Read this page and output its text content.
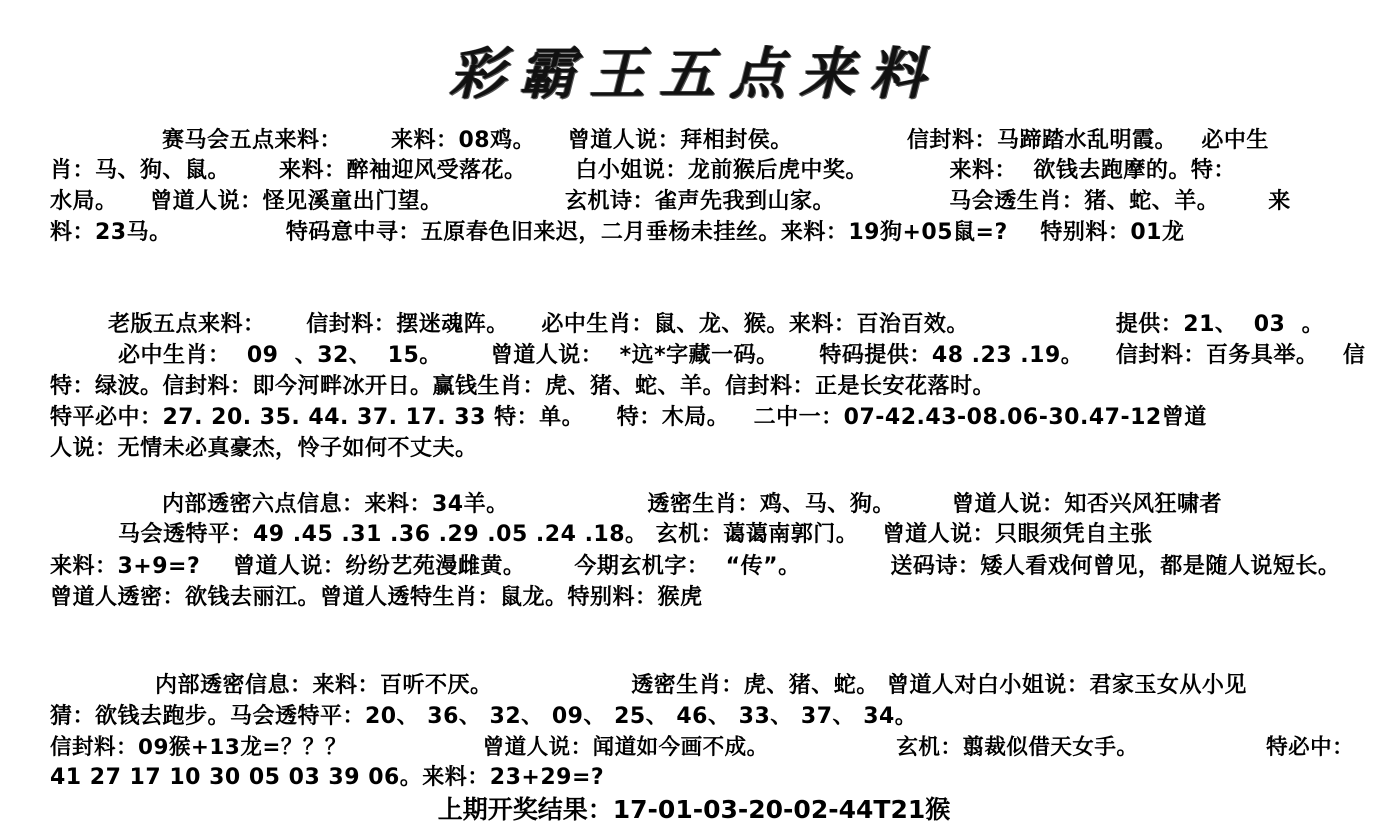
彩霸王五点来料
赛马会五点来料：      来料：08鸡。    曾道人说：拜相封侯。              信封料：马蹄踏水乱明霞。   必中生
肖：马、狗、鼠。      来料：醉袖迎风受落花。      白小姐说：龙前猴后虎中奖。          来料：  欲钱去跑摩的。特：
水局。    曾道人说：怪见溪童出门望。               玄机诗：雀声先我到山家。              马会透生肖：猪、蛇、羊。      来
料：23马。              特码意中寻：五原春色旧来迟，二月垂杨未挂丝。来料：19狗+05鼠=?    特别料：01龙
老版五点来料：     信封料：摆迷魂阵。    必中生肖：鼠、龙、猴。来料：百治百效。                  提供：21、  03  。
必中生肖：  09  、32、  15。      曾道人说：  *迒*字藏一码。     特码提供：48 .23 .19。    信封料：百务具举。   信
特：绿波。信封料：即今河畔冰开日。赢钱生肖：虎、猪、蛇、羊。信封料：正是长安花落时。
特平必中：27. 20. 35. 44. 37. 17. 33 特：单。    特：木局。   二中一：07-42.43-08.06-30.47-12曾道
人说：无情未必真豪杰，怜子如何不丈夫。
内部透密六点信息：来料：34羊。                 透密生肖：鸡、马、狗。       曾道人说：知否兴风狂啸者
马会透特平：49 .45 .31 .36 .29 .05 .24 .18。 玄机：蔼蔼南郭门。   曾道人说：只眼须凭自主张
来料：3+9=?    曾道人说：纷纷艺苑漫雌黄。      今期玄机字：  “传”。           送码诗：矮人看戏何曾见，都是随人说短长。
曾道人透密：欲钱去丽江。曾道人透特生肖：鼠龙。特别料：猴虎
内部透密信息：来料：百听不厌。                 透密生肖：虎、猪、蛇。 曾道人对白小姐说：君家玉女从小见
猜：欲钱去跑步。马会透特平：20、 36、 32、 09、 25、 46、 33、 37、 34。
信封料：09猴+13龙=？？？                 曾道人说：闻道如今画不成。                玄机：翦裁似借天女手。                特必中：
41 27 17 10 30 05 03 39 06。来料：23+29=?
上期开奖结果：17-01-03-20-02-44T21猴
